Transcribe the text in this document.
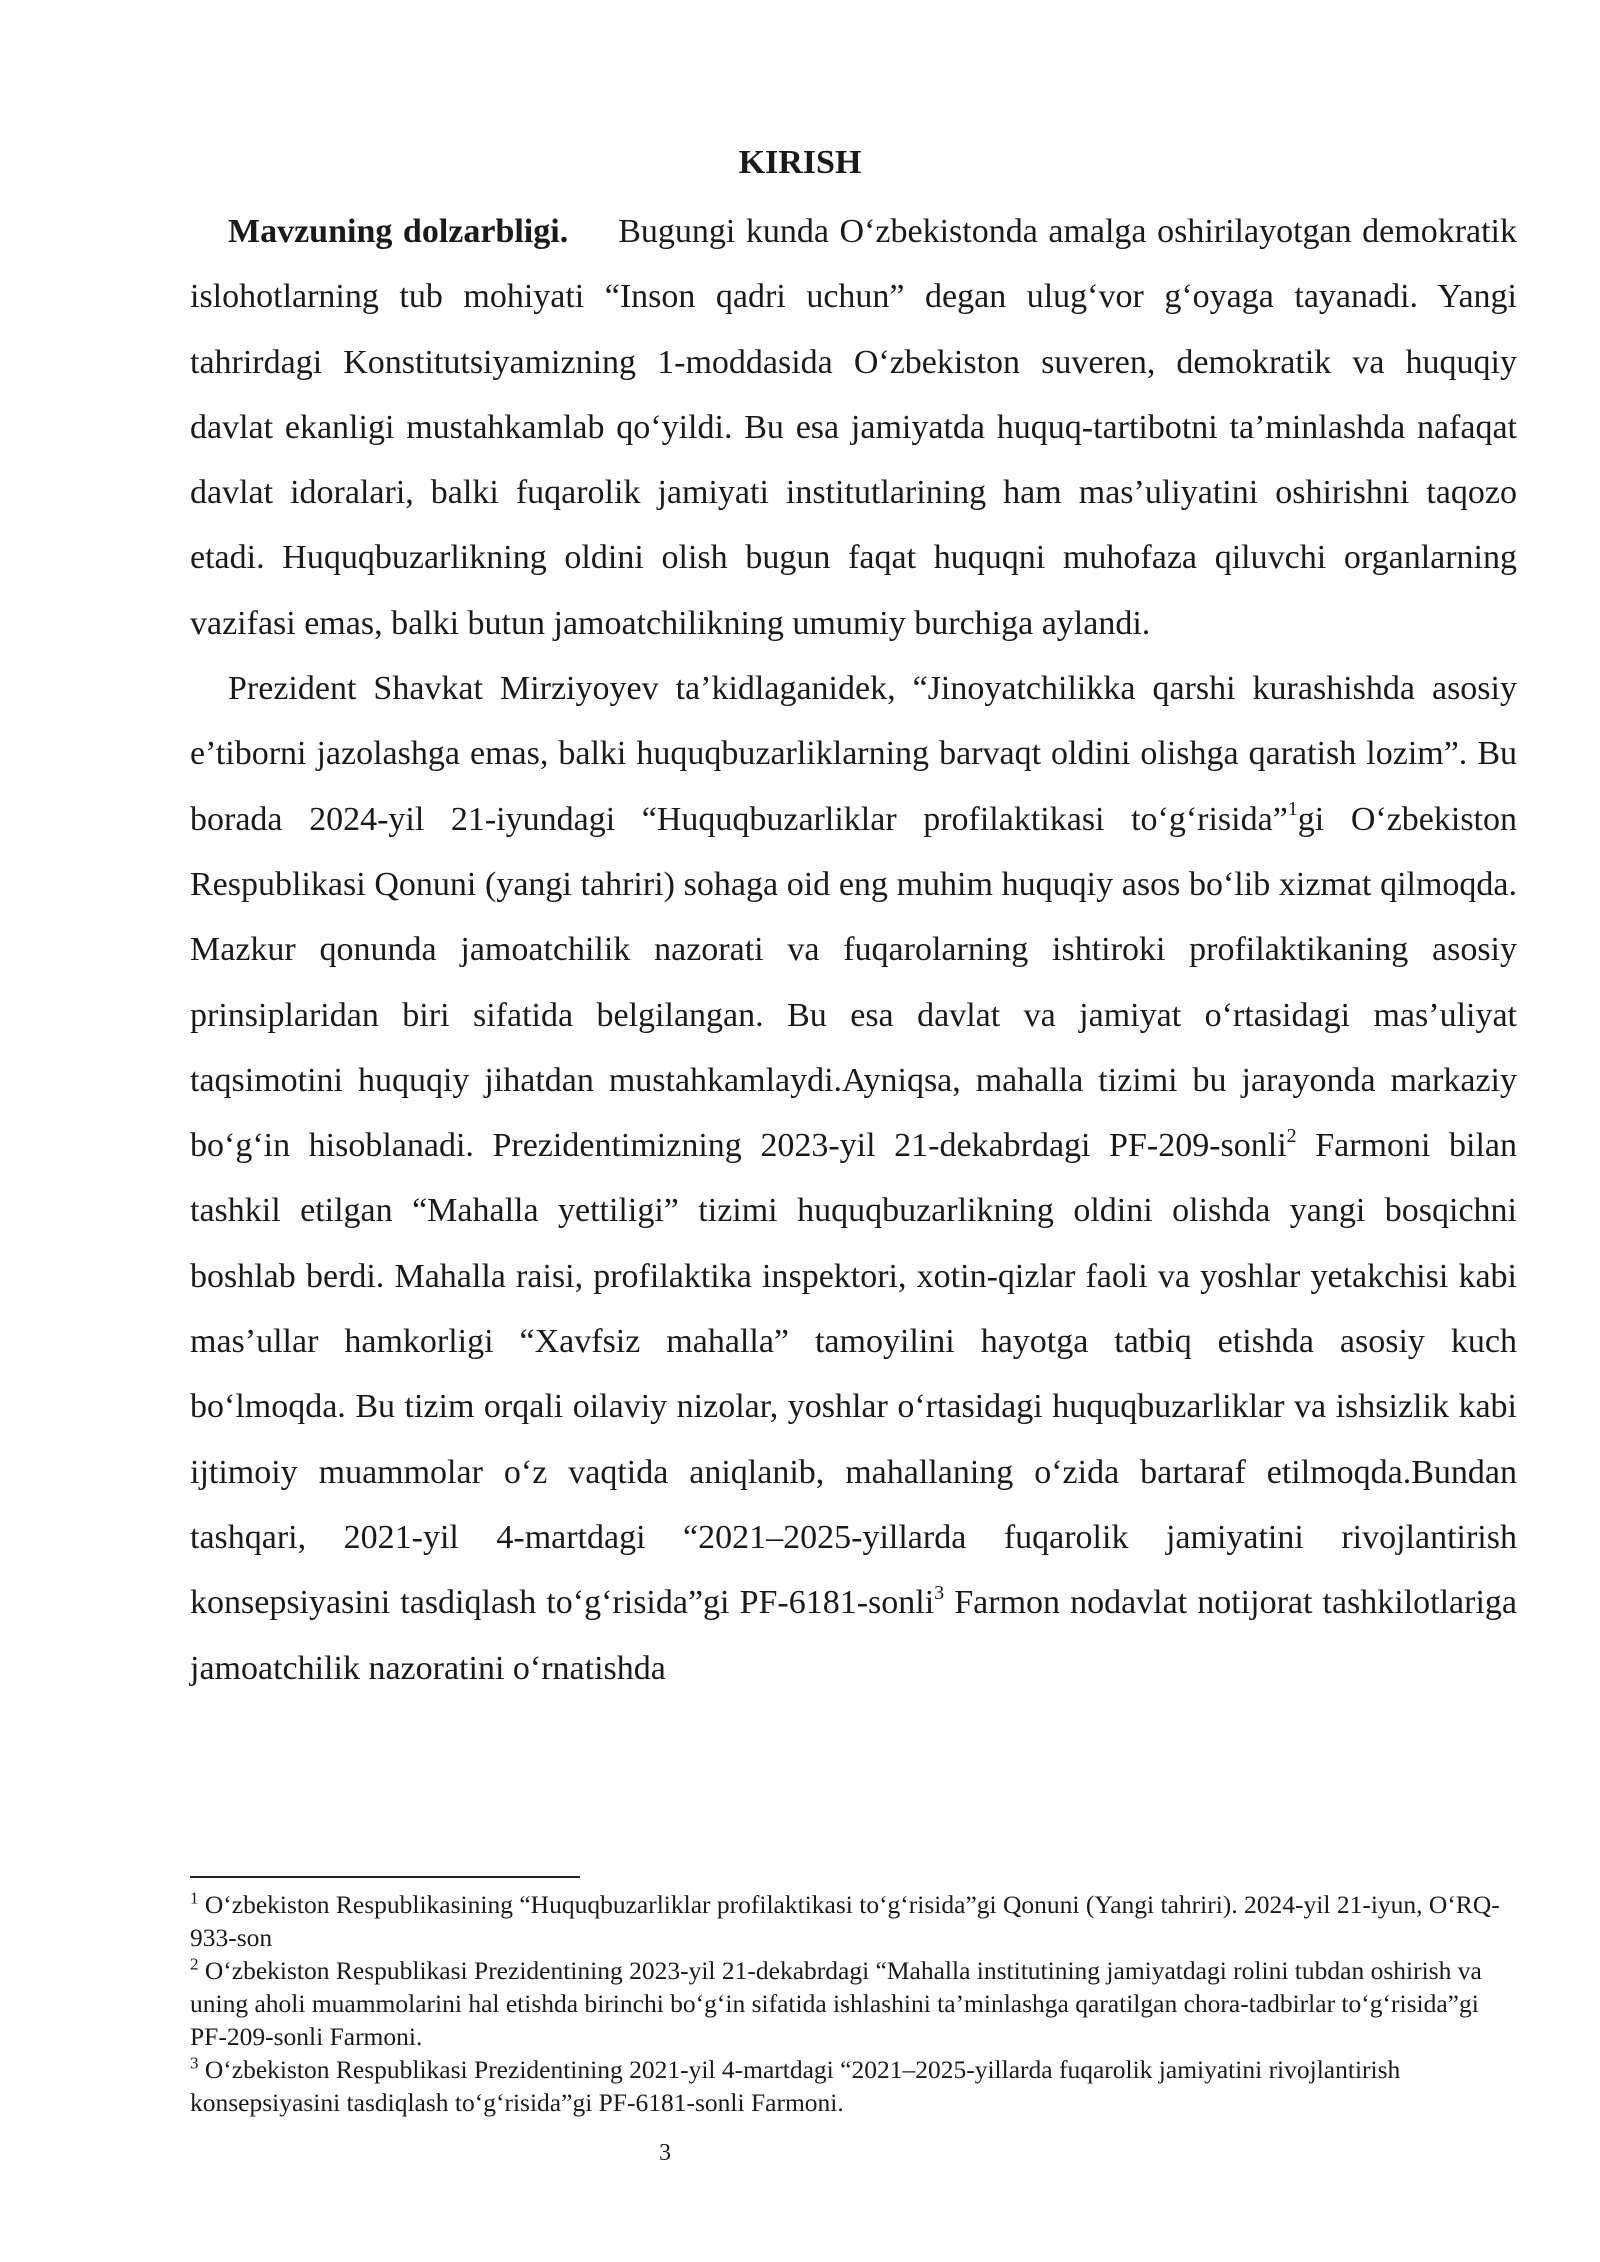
KIRISH

Mavzuning dolzarbligi. Bugungi kunda O‘zbekistonda amalga oshirilayotgan demokratik islohotlarning tub mohiyati “Inson qadri uchun” degan ulug‘vor g‘oyaga tayanadi. Yangi tahrirdagi Konstitutsiyamizning 1-moddasida O‘zbekiston suveren, demokratik va huquqiy davlat ekanligi mustahkamlab qo‘yildi. Bu esa jamiyatda huquq-tartibotni ta’minlashda nafaqat davlat idoralari, balki fuqarolik jamiyati institutlarining ham mas’uliyatini oshirishni taqozo etadi. Huquqbuzarlikning oldini olish bugun faqat huquqni muhofaza qiluvchi organlarning vazifasi emas, balki butun jamoatchilikning umumiy burchiga aylandi.

Prezident Shavkat Mirziyoyev ta’kidlaganidek, “Jinoyatchilikka qarshi kurashishda asosiy e’tiborni jazolashga emas, balki huquqbuzarliklarning barvaqt oldini olishga qaratish lozim”. Bu borada 2024-yil 21-iyundagi “Huquqbuzarliklar profilaktikasi to‘g‘risida”$^1$gi O‘zbekiston Respublikasi Qonuni (yangi tahriri) sohaga oid eng muhim huquqiy asos bo‘lib xizmat qilmoqda. Mazkur qonunda jamoatchilik nazorati va fuqarolarning ishtiroki profilaktikaning asosiy prinsiplaridan biri sifatida belgilangan. Bu esa davlat va jamiyat o‘rtasidagi mas’uliyat taqsimotini huquqiy jihatdan mustahkamlaydi.Ayniqsa, mahalla tizimi bu jarayonda markaziy bo‘g‘in hisoblanadi. Prezidentimizning 2023-yil 21-dekabrdagi PF-209-sonli$^2$ Farmoni bilan tashkil etilgan “Mahalla yettiligi” tizimi huquqbuzarlikning oldini olishda yangi bosqichni boshlab berdi. Mahalla raisi, profilaktika inspektori, xotin-qizlar faoli va yoshlar yetakchisi kabi mas’ullar hamkorligi “Xavfsiz mahalla” tamoyilini hayotga tatbiq etishda asosiy kuch bo‘lmoqda. Bu tizim orqali oilaviy nizolar, yoshlar o‘rtasidagi huquqbuzarliklar va ishsizlik kabi ijtimoiy muammolar o‘z vaqtida aniqlanib, mahallaning o‘zida bartaraf etilmoqda.Bundan tashqari, 2021-yil 4-martdagi “2021–2025-yillarda fuqarolik jamiyatini rivojlantirish konsepsiyasini tasdiqlash to‘g‘risida”gi PF-6181-sonli$^3$ Farmon nodavlat notijorat tashkilotlariga jamoatchilik nazoratini o‘rnatishda

$^1$ O‘zbekiston Respublikasining “Huquqbuzarliklar profilaktikasi to‘g‘risida”gi Qonuni (Yangi tahriri). 2024-yil 21-iyun, O‘RQ-933-son

$^2$ O‘zbekiston Respublikasi Prezidentining 2023-yil 21-dekabrdagi “Mahalla institutining jamiyatdagi rolini tubdan oshirish va uning aholi muammolarini hal etishda birinchi bo‘g‘in sifatida ishlashini ta’minlashga qaratilgan chora-tadbirlar to‘g‘risida”gi PF-209-sonli Farmoni.

$^3$ O‘zbekiston Respublikasi Prezidentining 2021-yil 4-martdagi “2021–2025-yillarda fuqarolik jamiyatini rivojlantirish konsepsiyasini tasdiqlash to‘g‘risida”gi PF-6181-sonli Farmoni.

3
